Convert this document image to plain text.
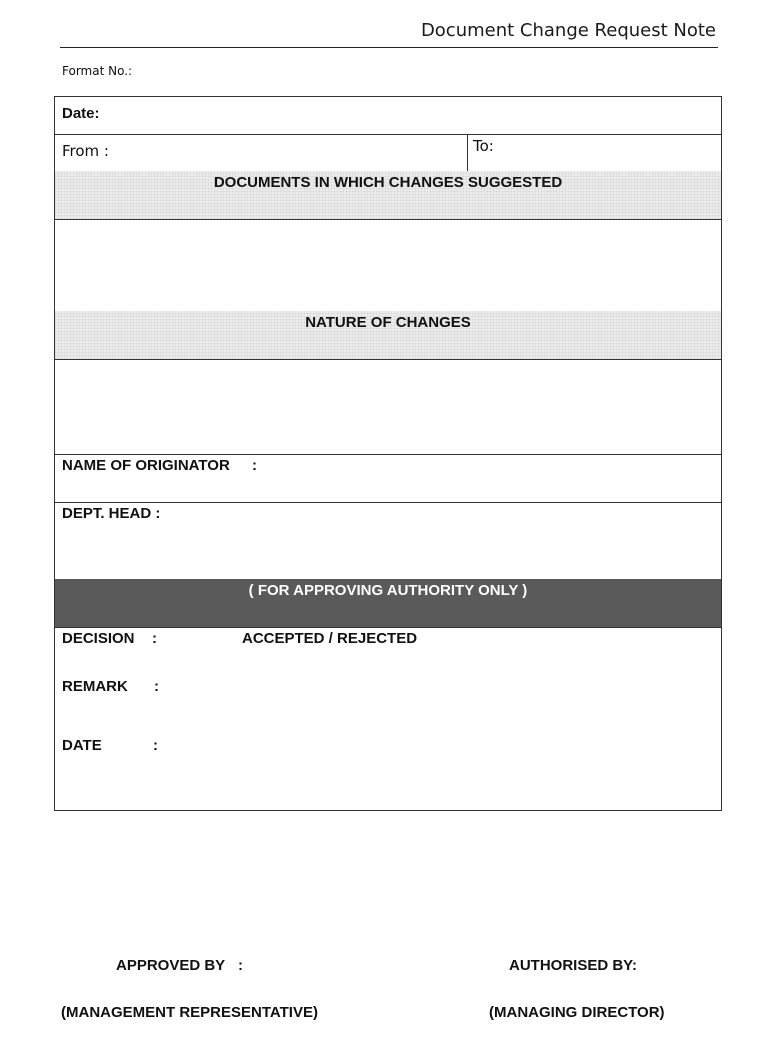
Document Change Request Note
Format No.:
Date:
From :	To:
DOCUMENTS IN WHICH CHANGES SUGGESTED
NATURE OF CHANGES
NAME OF ORIGINATOR :
DEPT. HEAD :
( FOR APPROVING AUTHORITY ONLY )
DECISION :	ACCEPTED / REJECTED
REMARK :
DATE	:
APPROVED BY :	AUTHORISED BY:
(MANAGEMENT REPRESENTATIVE)	(MANAGING DIRECTOR)
